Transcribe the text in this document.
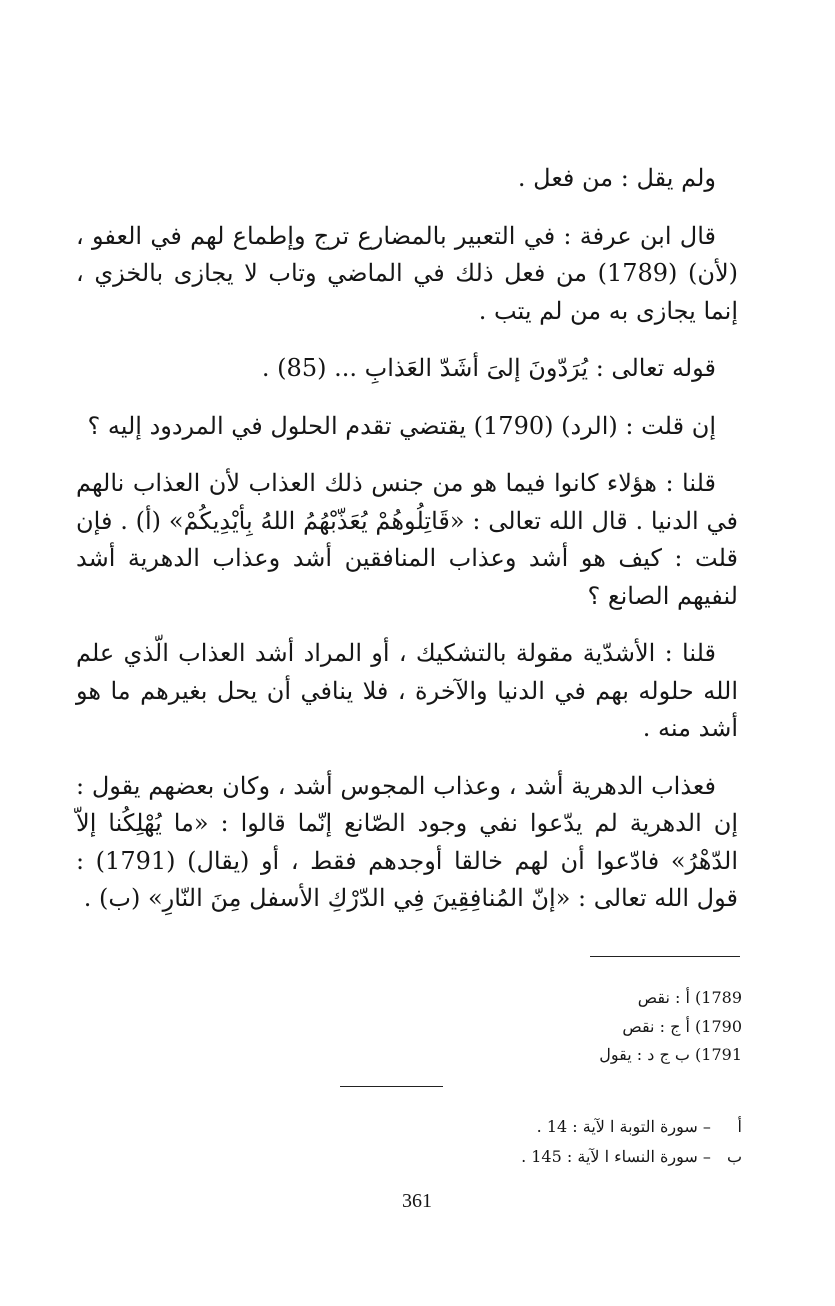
ولم يقل : من فعل .

قال ابن عرفة : في التعبير بالمضارع ترج وإطماع لهم في العفو ، (لأن) (1789) من فعل ذلك في الماضي وتاب لا يجازى بالخزي ، إنما يجازى به من لم يتب .

قوله تعالى : يُرَدّونَ إلىَ أشَدّ العَذابِ ... (85) .

إن قلت : (الرد) (1790) يقتضي تقدم الحلول في المردود إليه ؟

قلنا : هؤلاء كانوا فيما هو من جنس ذلك العذاب لأن العذاب نالهم في الدنيا . قال الله تعالى : «قَاتِلُوهُمْ يُعَذّبْهُمُ اللهُ بِأيْدِيكُمْ» (أ) . فإن قلت : كيف هو أشد وعذاب المنافقين أشد وعذاب الدهرية أشد لنفيهم الصانع ؟

قلنا : الأشدّية مقولة بالتشكيك ، أو المراد أشد العذاب الّذي علم الله حلوله بهم في الدنيا والآخرة ، فلا ينافي أن يحل بغيرهم ما هو أشد منه .

فعذاب الدهرية أشد ، وعذاب المجوس أشد ، وكان بعضهم يقول : إن الدهرية لم يدّعوا نفي وجود الصّانع إنّما قالوا : «ما يُهْلِكُنا إلاّ الدّهْرُ» فادّعوا أن لهم خالقا أوجدهم فقط ، أو (يقال) (1791) : قول الله تعالى : «إنّ المُنافِقِينَ فِي الدّرْكِ الأسفل مِنَ النّارِ» (ب) .

1789) أ : نقص
1790) أ ج : نقص
1791) ب ج د : يقول
أ – سورة التوبة ا لآية : 14 .
ب – سورة النساء ا لآية : 145 .
361
